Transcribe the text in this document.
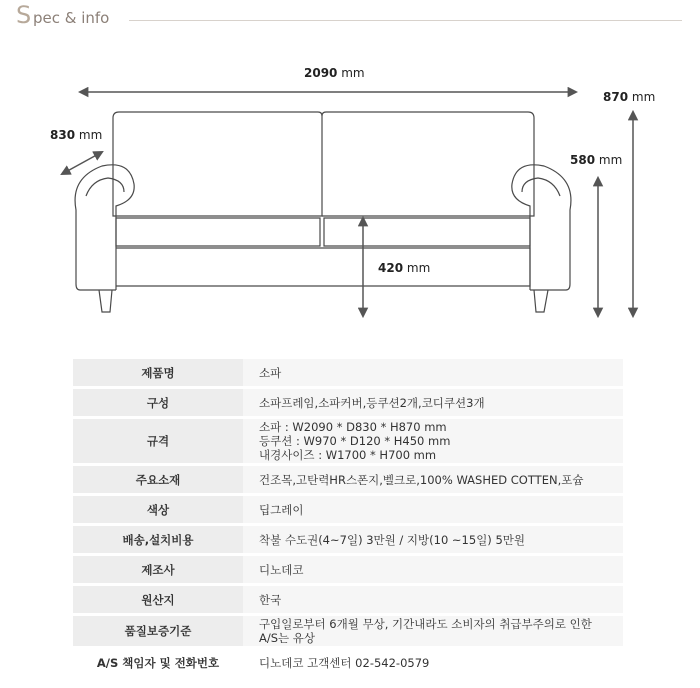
S pec & info
2090 mm
830 mm
870 mm
580 mm
420 mm
제품명	소파

구성	소파프레임,소파커버,등쿠션2개,코디쿠션3개

규격	소파 : W2090 * D830 * H870 mm
등쿠션 : W970 * D120 * H450 mm
내경사이즈 : W1700 * H700 mm

주요소재	건조목,고탄력HR스폰지,벨크로,100% WASHED COTTEN,포슘

색상	딥그레이

배송,설치비용	착불 수도권(4~7일) 3만원 / 지방(10 ~15일) 5만원

제조사	디노데코

원산지	한국

품질보증기준	구입일로부터 6개월 무상, 기간내라도 소비자의 취급부주의로 인한
A/S는 유상

A/S 책임자 및 전화번호	디노데코 고객센터 02-542-0579
